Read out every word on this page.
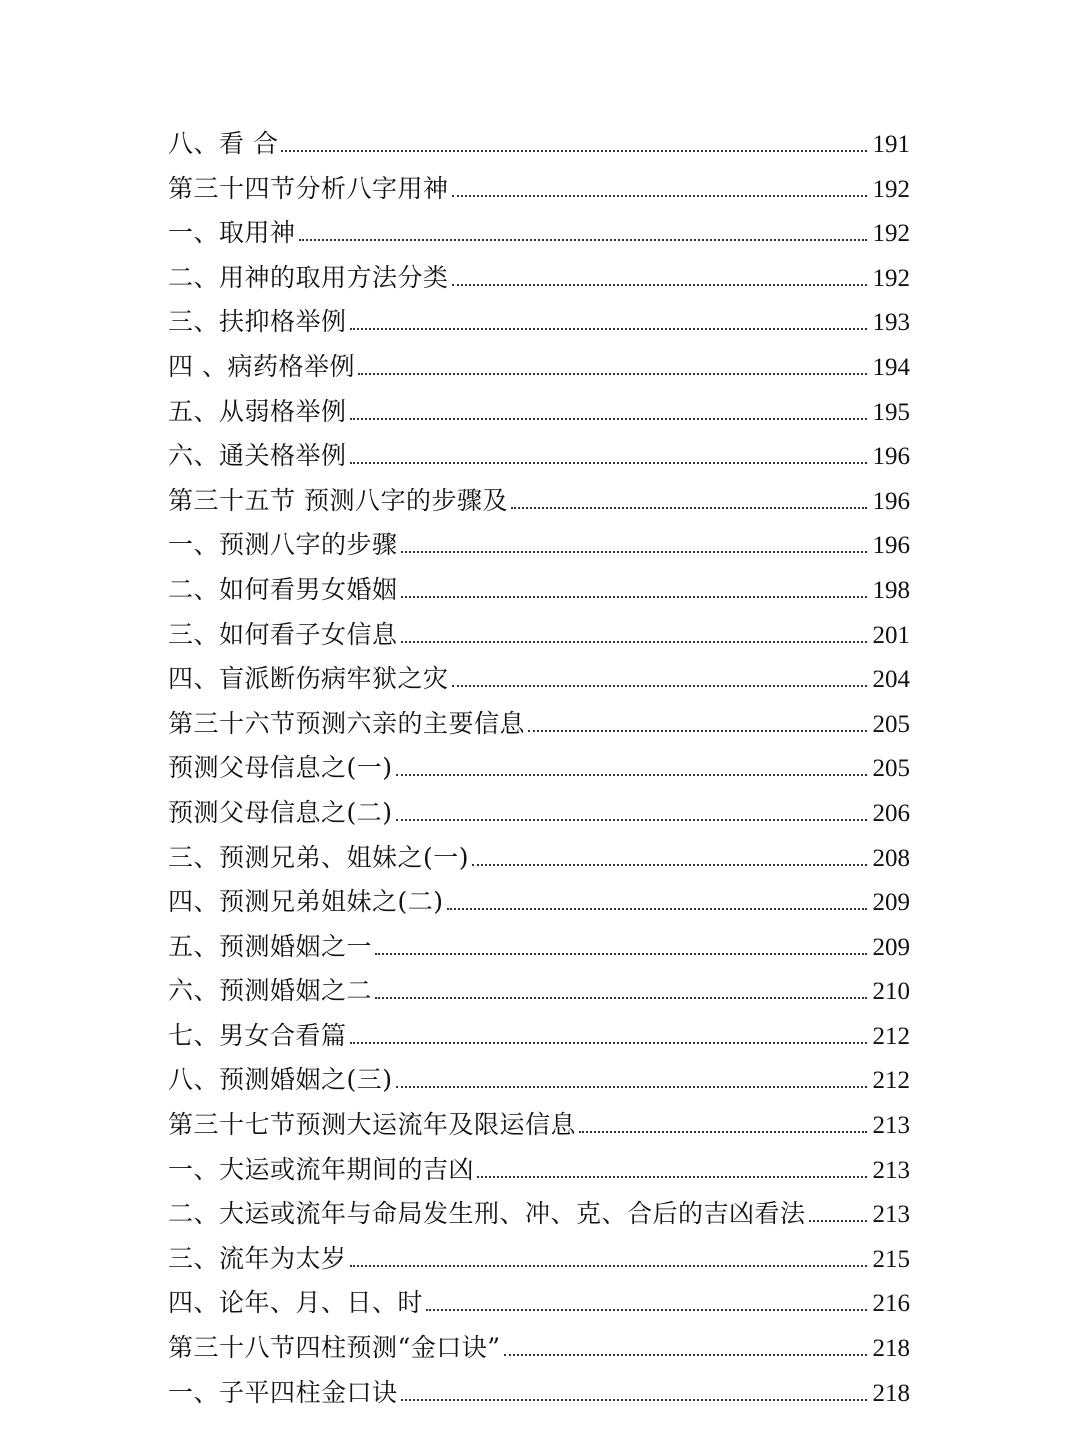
八、看 合	191
第三十四节分析八字用神	192
一、取用神	192
二、用神的取用方法分类	192
三、扶抑格举例	193
四 、病药格举例	194
五、从弱格举例	195
六、通关格举例	196
第三十五节 预测八字的步骤及	196
一、预测八字的步骤	196
二、如何看男女婚姻	198
三、如何看子女信息	201
四、盲派断伤病牢狱之灾	204
第三十六节预测六亲的主要信息	205
预测父母信息之(一)	205
预测父母信息之(二)	206
三、预测兄弟、姐妹之(一)	208
四、预测兄弟姐妹之(二)	209
五、预测婚姻之一	209
六、预测婚姻之二	210
七、男女合看篇	212
八、预测婚姻之(三)	212
第三十七节预测大运流年及限运信息	213
一、大运或流年期间的吉凶	213
二、大运或流年与命局发生刑、冲、克、合后的吉凶看法	213
三、流年为太岁	215
四、论年、月、日、时	216
第三十八节四柱预测“金口诀”	218
一、子平四柱金口诀	218
